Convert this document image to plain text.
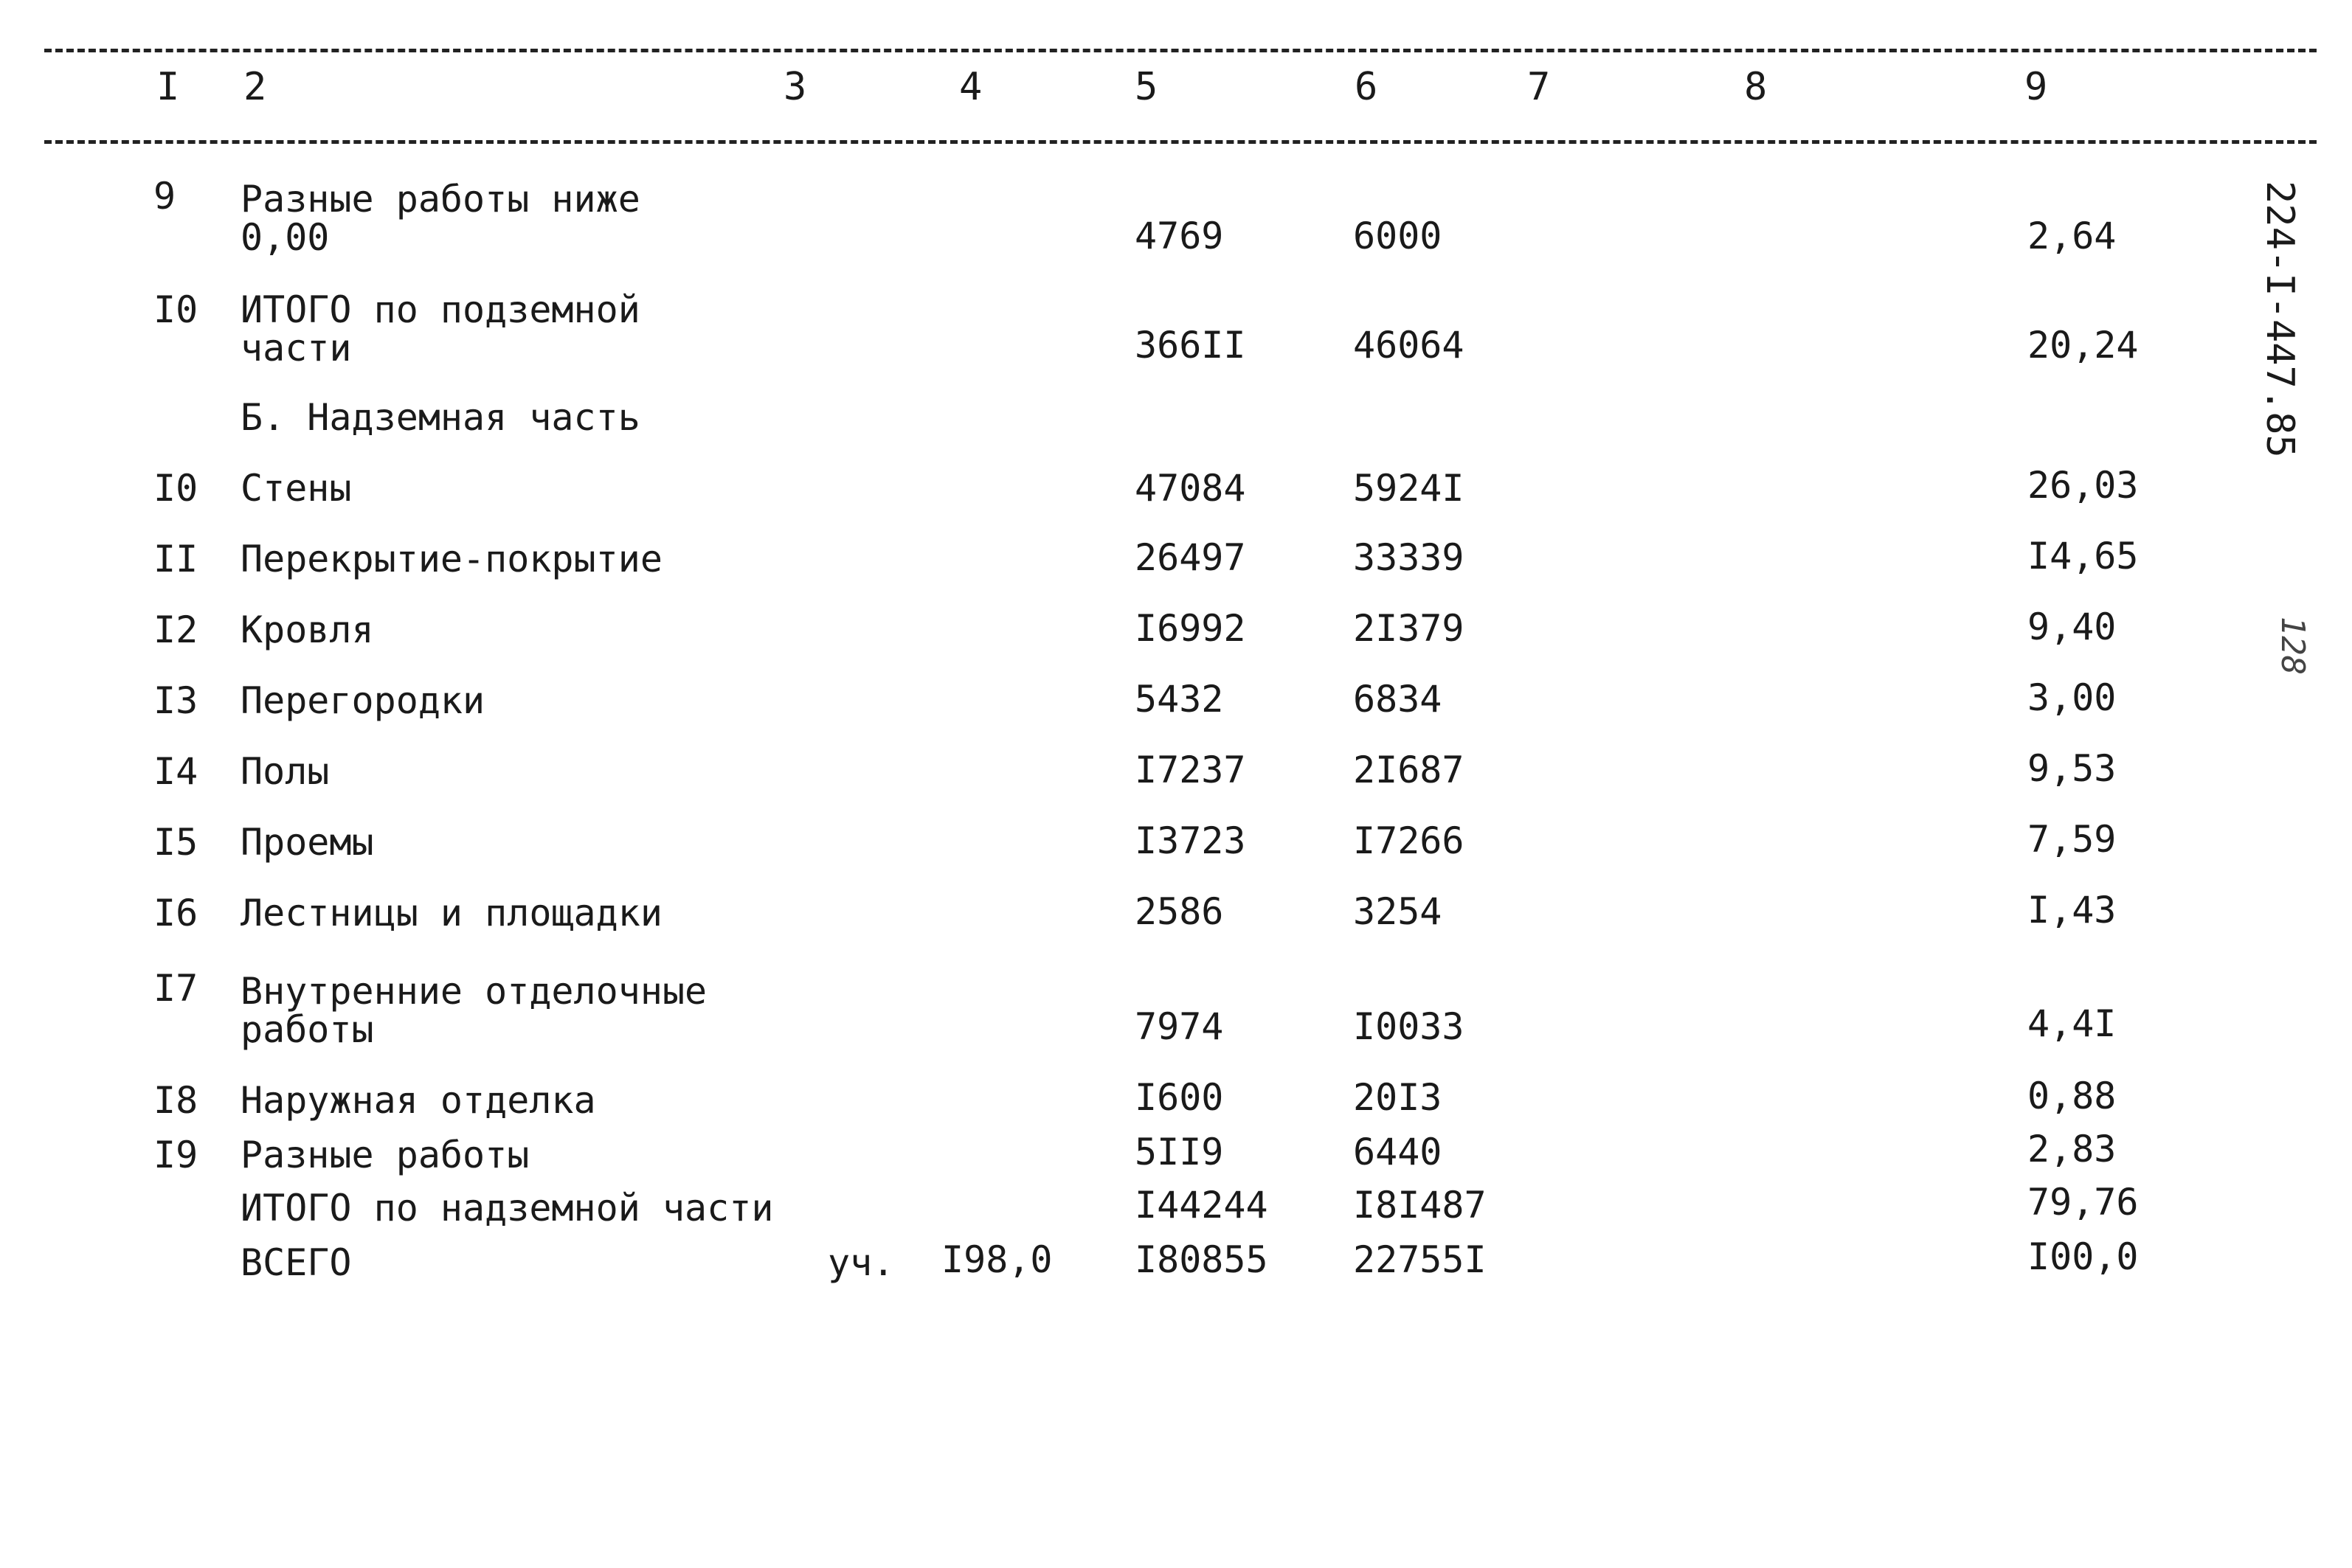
I 2	3	4	5	6	7	8	9
9 Разные работы ниже
0,00	4769	6000	2,64
I0 ИТОГО по подземной
части	366II	46064	20,24
Б. Надземная часть
I0 Стены	47084	5924I	26,03
II Перекрытие-покрытие	26497	33339	I4,65
I2 Кровля	I6992	2I379	9,40
I3 Перегородки	5432	6834	3,00
I4 Полы	I7237	2I687	9,53
I5 Проемы	I3723	I7266	7,59
I6 Лестницы и площадки	2586	3254	I,43
I7 Внутренние отделочные
работы	7974	I0033	4,4I
I8 Наружная отделка	I600	20I3	0,88
I9 Разные работы	5II9	6440	2,83
ИТОГО по надземной части	I44244 I8I487	79,76
ВСЕГО	уч. I98,0 I80855 22755I	I00,0
224-I-447.85
128
